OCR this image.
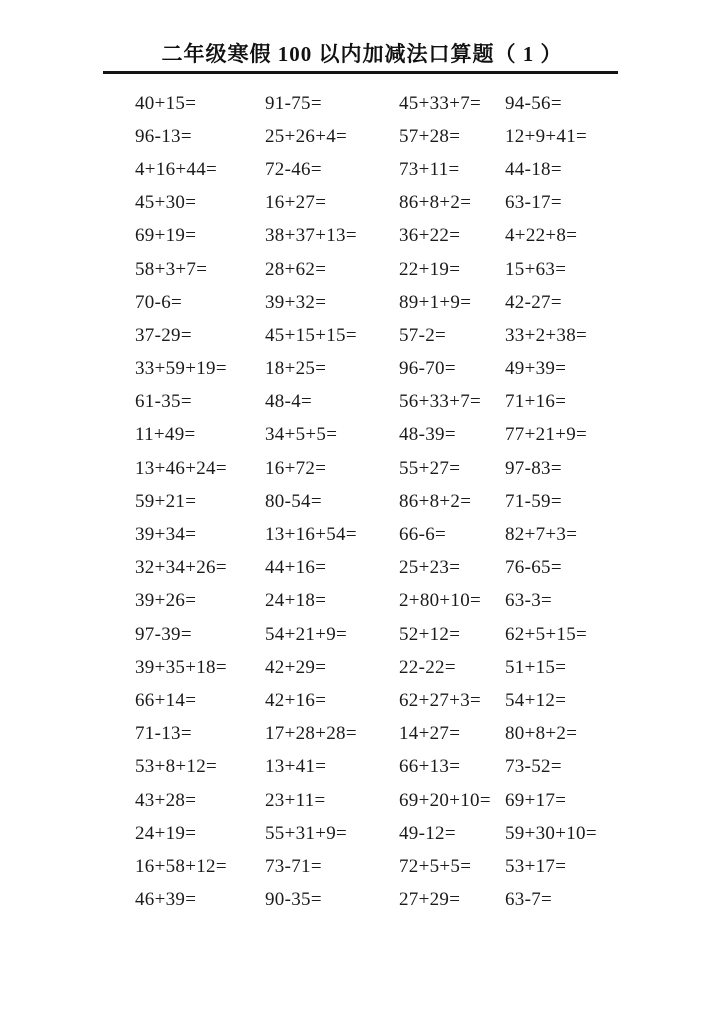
二年级寒假 100 以内加减法口算题（ 1 ）
40+15=	91-75=	45+33+7=	94-56=
96-13=	25+26+4=	57+28=	12+9+41=
4+16+44=	72-46=	73+11=	44-18=
45+30=	16+27=	86+8+2=	63-17=
69+19=	38+37+13=	36+22=	4+22+8=
58+3+7=	28+62=	22+19=	15+63=
70-6=	39+32=	89+1+9=	42-27=
37-29=	45+15+15=	57-2=	33+2+38=
33+59+19=	18+25=	96-70=	49+39=
61-35=	48-4=	56+33+7=	71+16=
11+49=	34+5+5=	48-39=	77+21+9=
13+46+24=	16+72=	55+27=	97-83=
59+21=	80-54=	86+8+2=	71-59=
39+34=	13+16+54=	66-6=	82+7+3=
32+34+26=	44+16=	25+23=	76-65=
39+26=	24+18=	2+80+10=	63-3=
97-39=	54+21+9=	52+12=	62+5+15=
39+35+18=	42+29=	22-22=	51+15=
66+14=	42+16=	62+27+3=	54+12=
71-13=	17+28+28=	14+27=	80+8+2=
53+8+12=	13+41=	66+13=	73-52=
43+28=	23+11=	69+20+10= 69+17=
24+19=	55+31+9=	49-12=	59+30+10=
16+58+12=	73-71=	72+5+5=	53+17=
46+39=	90-35=	27+29=	63-7=
